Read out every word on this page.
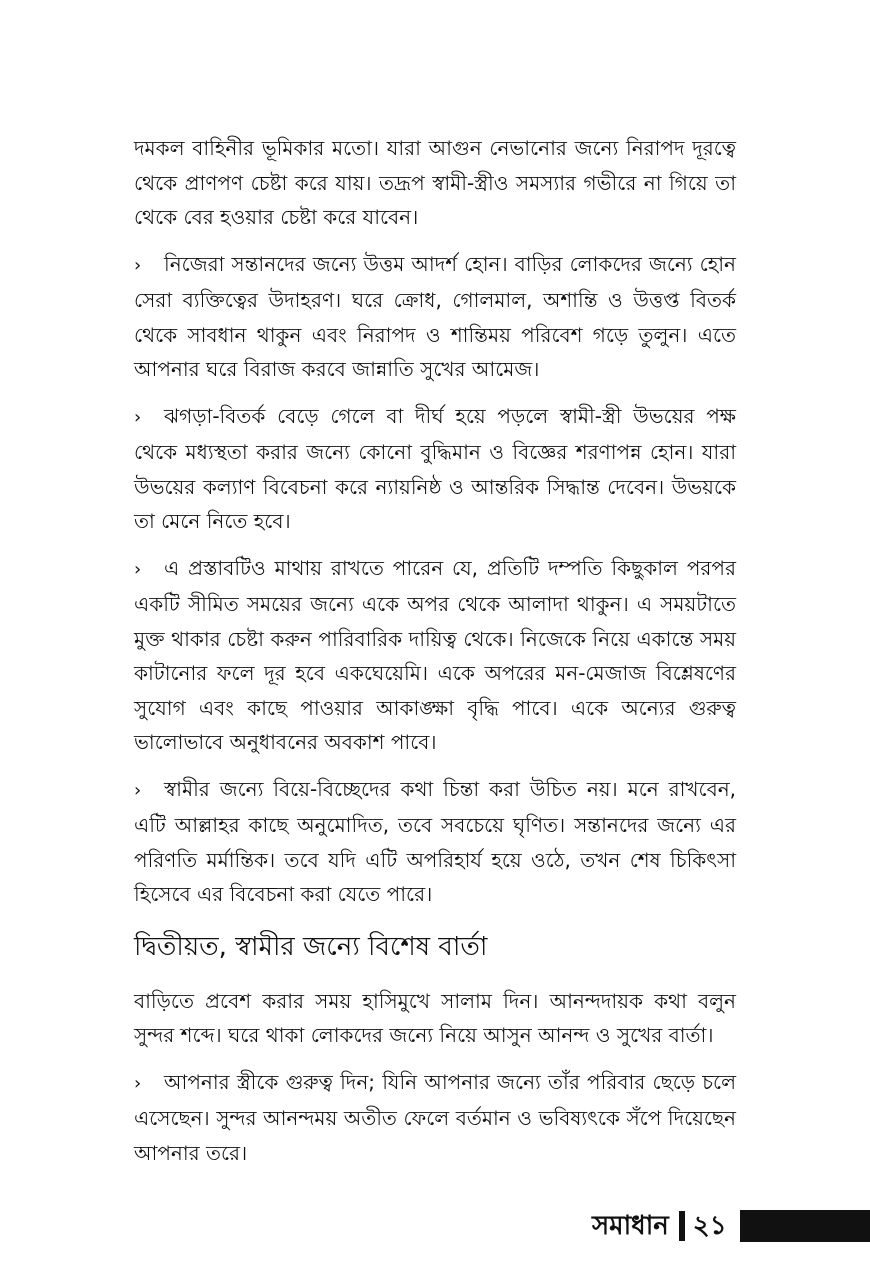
দমকল বাহিনীর ভূমিকার মতো। যারা আগুন নেভানোর জন্যে নিরাপদ দূরত্বে থেকে প্রাণপণ চেষ্টা করে যায়। তদ্রূপ স্বামী-স্ত্রীও সমস্যার গভীরে না গিয়ে তা থেকে বের হওয়ার চেষ্টা করে যাবেন।

› নিজেরা সন্তানদের জন্যে উত্তম আদর্শ হোন। বাড়ির লোকদের জন্যে হোন সেরা ব্যক্তিত্বের উদাহরণ। ঘরে ক্রোধ, গোলমাল, অশান্তি ও উত্তপ্ত বিতর্ক থেকে সাবধান থাকুন এবং নিরাপদ ও শান্তিময় পরিবেশ গড়ে তুলুন। এতে আপনার ঘরে বিরাজ করবে জান্নাতি সুখের আমেজ।

› ঝগড়া-বিতর্ক বেড়ে গেলে বা দীর্ঘ হয়ে পড়লে স্বামী-স্ত্রী উভয়ের পক্ষ থেকে মধ্যস্থতা করার জন্যে কোনো বুদ্ধিমান ও বিজ্ঞের শরণাপন্ন হোন। যারা উভয়ের কল্যাণ বিবেচনা করে ন্যায়নিষ্ঠ ও আন্তরিক সিদ্ধান্ত দেবেন। উভয়কে তা মেনে নিতে হবে।

› এ প্রস্তাবটিও মাথায় রাখতে পারেন যে, প্রতিটি দম্পতি কিছুকাল পরপর একটি সীমিত সময়ের জন্যে একে অপর থেকে আলাদা থাকুন। এ সময়টাতে মুক্ত থাকার চেষ্টা করুন পারিবারিক দায়িত্ব থেকে। নিজেকে নিয়ে একান্তে সময় কাটানোর ফলে দূর হবে একঘেয়েমি। একে অপরের মন-মেজাজ বিশ্লেষণের সুযোগ এবং কাছে পাওয়ার আকাঙ্ক্ষা বৃদ্ধি পাবে। একে অন্যের গুরুত্ব ভালোভাবে অনুধাবনের অবকাশ পাবে।

› স্বামীর জন্যে বিয়ে-বিচ্ছেদের কথা চিন্তা করা উচিত নয়। মনে রাখবেন, এটি আল্লাহর কাছে অনুমোদিত, তবে সবচেয়ে ঘৃণিত। সন্তানদের জন্যে এর পরিণতি মর্মান্তিক। তবে যদি এটি অপরিহার্য হয়ে ওঠে, তখন শেষ চিকিৎসা হিসেবে এর বিবেচনা করা যেতে পারে।

দ্বিতীয়ত, স্বামীর জন্যে বিশেষ বার্তা

বাড়িতে প্রবেশ করার সময় হাসিমুখে সালাম দিন। আনন্দদায়ক কথা বলুন সুন্দর শব্দে। ঘরে থাকা লোকদের জন্যে নিয়ে আসুন আনন্দ ও সুখের বার্তা।

› আপনার স্ত্রীকে গুরুত্ব দিন; যিনি আপনার জন্যে তাঁর পরিবার ছেড়ে চলে এসেছেন। সুন্দর আনন্দময় অতীত ফেলে বর্তমান ও ভবিষ্যৎকে সঁপে দিয়েছেন আপনার তরে।

সমাধান ২১
